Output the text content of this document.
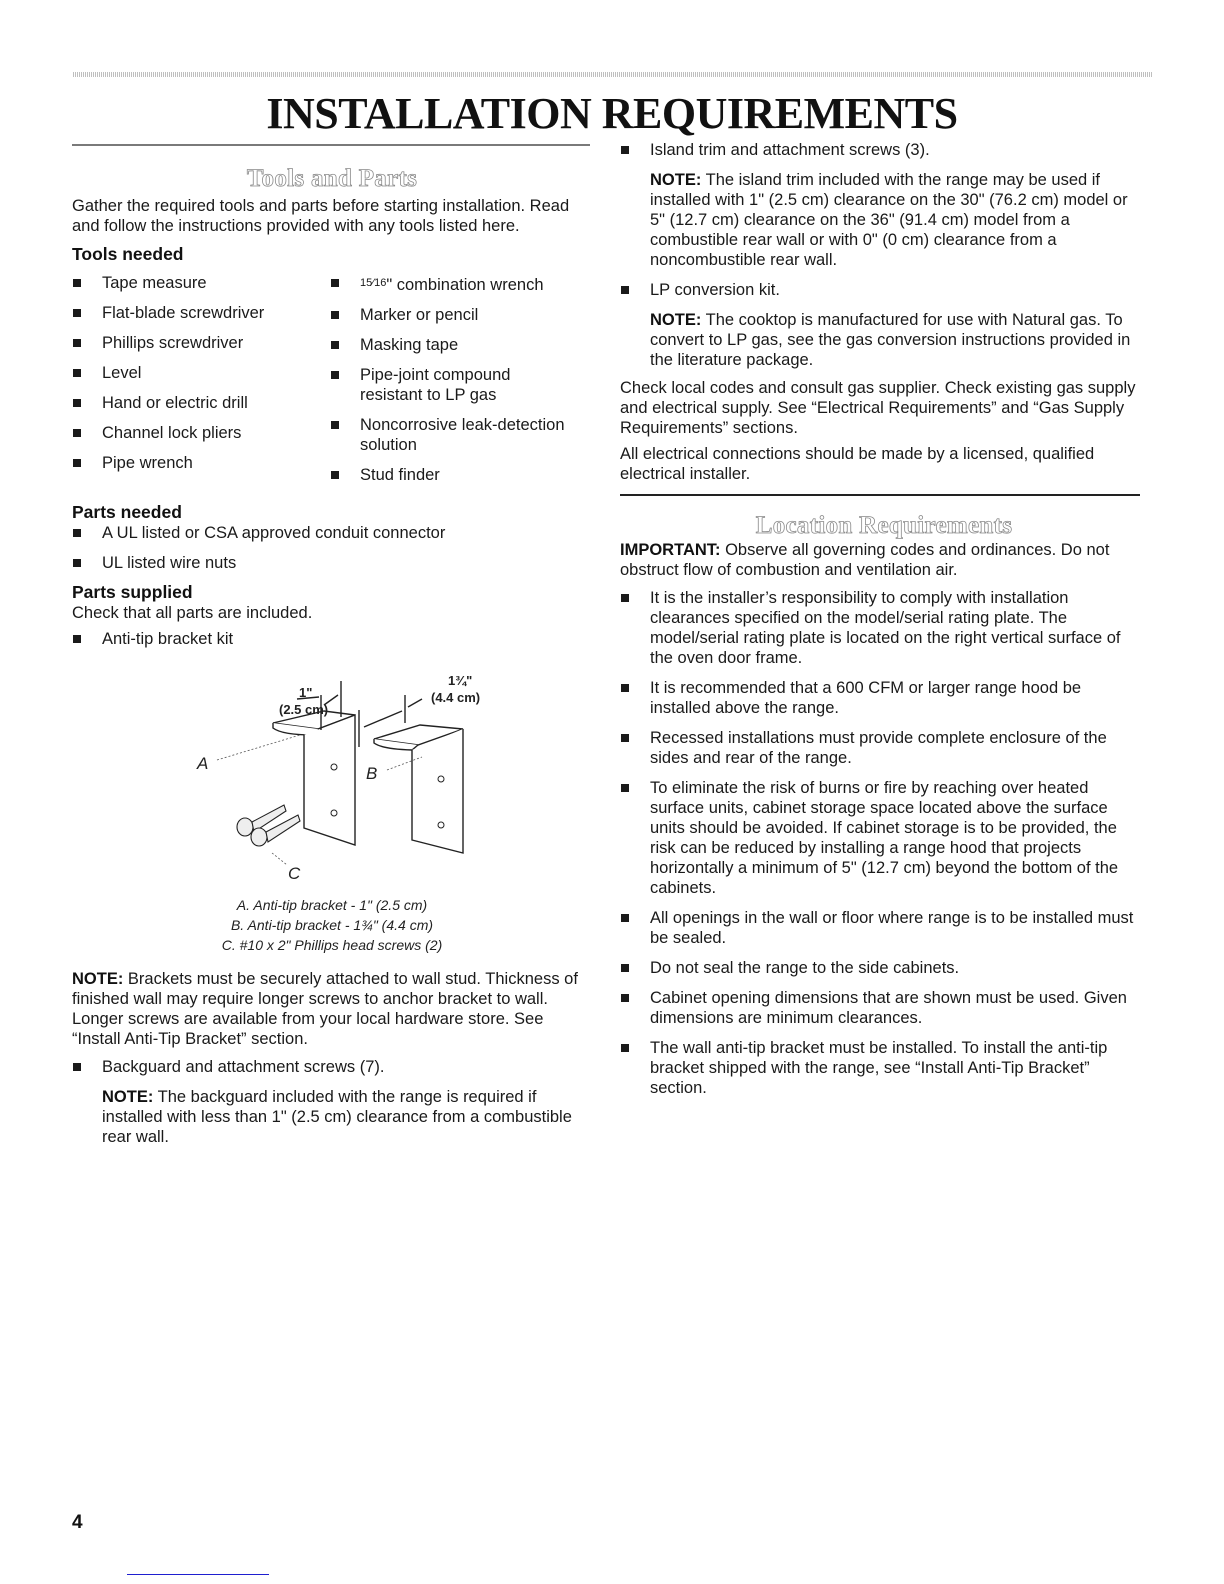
INSTALLATION REQUIREMENTS
Tools and Parts

Gather the required tools and parts before starting installation. Read and follow the instructions provided with any tools listed here.

Tools needed
Tape measure
Flat-blade screwdriver
Phillips screwdriver
Level
Hand or electric drill
Channel lock pliers
Pipe wrench
$^{15⁄16}$" combination wrench
Marker or pencil
Masking tape
Pipe-joint compound resistant to LP gas
Noncorrosive leak-detection solution
Stud finder
Parts needed
A UL listed or CSA approved conduit connector
UL listed wire nuts
Parts supplied

Check that all parts are included.

Anti-tip bracket kit
1"
(2.5 cm)
1¾"
(4.4 cm)
A
B
C
A. Anti-tip bracket - 1" (2.5 cm)
B. Anti-tip bracket - 1¾" (4.4 cm)
C. #10 x 2" Phillips head screws (2)

NOTE: Brackets must be securely attached to wall stud. Thickness of finished wall may require longer screws to anchor bracket to wall. Longer screws are available from your local hardware store. See “Install Anti-Tip Bracket” section.

Backguard and attachment screws (7).

NOTE: The backguard included with the range is required if installed with less than 1" (2.5 cm) clearance from a combustible rear wall.

Island trim and attachment screws (3).

NOTE: The island trim included with the range may be used if installed with 1" (2.5 cm) clearance on the 30" (76.2 cm) model or 5" (12.7 cm) clearance on the 36" (91.4 cm) model from a combustible rear wall or with 0" (0 cm) clearance from a noncombustible rear wall.

LP conversion kit.

NOTE: The cooktop is manufactured for use with Natural gas. To convert to LP gas, see the gas conversion instructions provided in the literature package.

Check local codes and consult gas supplier. Check existing gas supply and electrical supply. See “Electrical Requirements” and “Gas Supply Requirements” sections.

All electrical connections should be made by a licensed, qualified electrical installer.

Location Requirements

IMPORTANT: Observe all governing codes and ordinances. Do not obstruct flow of combustion and ventilation air.

It is the installer’s responsibility to comply with installation clearances specified on the model/serial rating plate. The model/serial rating plate is located on the right vertical surface of the oven door frame.
It is recommended that a 600 CFM or larger range hood be installed above the range.
Recessed installations must provide complete enclosure of the sides and rear of the range.
To eliminate the risk of burns or fire by reaching over heated surface units, cabinet storage space located above the surface units should be avoided. If cabinet storage is to be provided, the risk can be reduced by installing a range hood that projects horizontally a minimum of 5" (12.7 cm) beyond the bottom of the cabinets.
All openings in the wall or floor where range is to be installed must be sealed.
Do not seal the range to the side cabinets.
Cabinet opening dimensions that are shown must be used. Given dimensions are minimum clearances.
The wall anti-tip bracket must be installed. To install the anti-tip bracket shipped with the range, see “Install Anti-Tip Bracket” section.
4
